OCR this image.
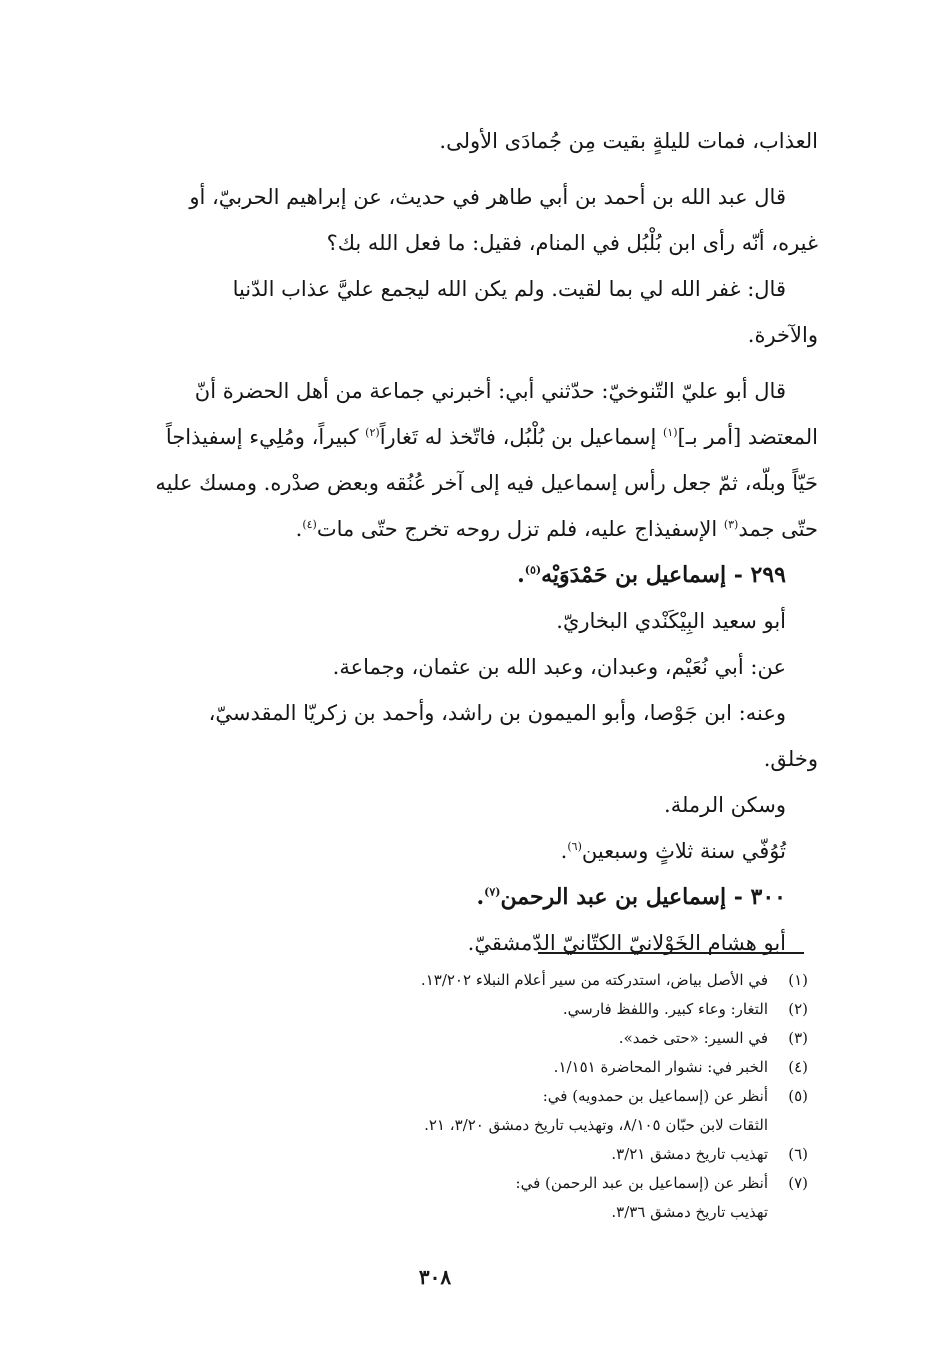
العذاب، فمات لليلةٍ بقيت مِن جُمادَى الأولى.

قال عبد الله بن أحمد بن أبي طاهر في حديث، عن إبراهيم الحربيّ، أو
غيره، أنّه رأى ابن بُلْبُل في المنام، فقيل: ما فعل الله بك؟

قال: غفر الله لي بما لقيت. ولم يكن الله ليجمع عليَّ عذاب الدّنيا
والآخرة.

قال أبو عليّ التّنوخيّ: حدّثني أبي: أخبرني جماعة من أهل الحضرة أنّ
المعتضد [أمر بـ]$^{(١)}$ إسماعيل بن بُلْبُل، فاتّخذ له تَغاراً$^{(٢)}$ كبيراً، ومُلِيء إسفيذاجاً
حَيّاً وبلّه، ثمّ جعل رأس إسماعيل فيه إلى آخر عُنُقه وبعض صدْره. ومسك عليه
حتّى جمد$^{(٣)}$ الإسفيذاج عليه، فلم تزل روحه تخرج حتّى مات$^{(٤)}$.

٢٩٩ - إسماعيل بن حَمْدَوَيْه$^{(٥)}$.

أبو سعيد البِيْكَنْدي البخاريّ.

عن: أبي نُعَيْم، وعبدان، وعبد الله بن عثمان، وجماعة.

وعنه: ابن جَوْصا، وأبو الميمون بن راشد، وأحمد بن زكريّا المقدسيّ،

وخلق.

وسكن الرملة.

تُوُفّي سنة ثلاثٍ وسبعين$^{(٦)}$.

٣٠٠ - إسماعيل بن عبد الرحمن$^{(٧)}$.

أبو هشام الخَوْلانيّ الكتّانيّ الدّمشقيّ.

(١)
في الأصل بياض، استدركته من سير أعلام النبلاء ١٣/٢٠٢.
(٢)
التغار: وعاء كبير. واللفظ فارسي.
(٣)
في السير: «حتى خمد».
(٤)
الخبر في: نشوار المحاضرة ١/١٥١.
(٥)
أنظر عن (إسماعيل بن حمدويه) في:
الثقات لابن حبّان ٨/١٠٥، وتهذيب تاريخ دمشق ٣/٢٠، ٢١.
(٦)
تهذيب تاريخ دمشق ٣/٢١.
(٧)
أنظر عن (إسماعيل بن عبد الرحمن) في:
تهذيب تاريخ دمشق ٣/٣٦.
٣٠٨
